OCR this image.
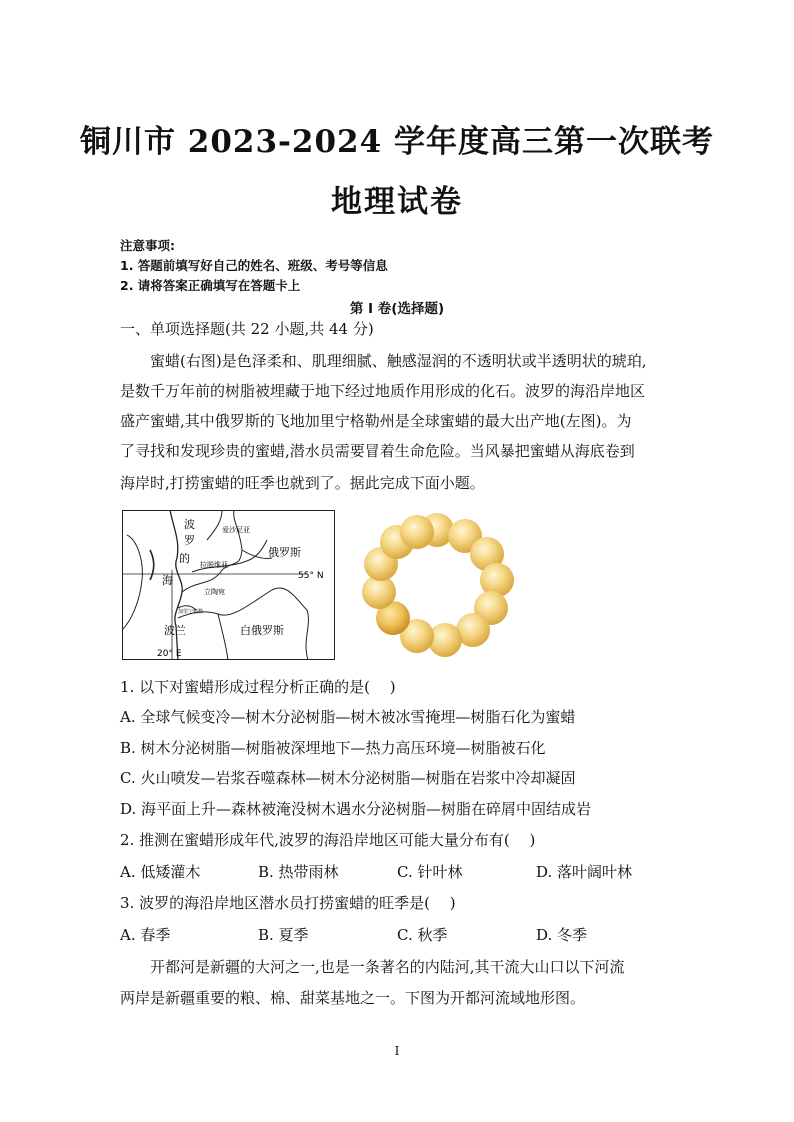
铜川市 2023-2024 学年度高三第一次联考
地理试卷
注意事项:
1. 答题前填写好自己的姓名、班级、考号等信息
2. 请将答案正确填写在答题卡上
第 I 卷(选择题)
一、单项选择题(共 22 小题,共 44 分)
　　蜜蜡(右图)是色泽柔和、肌理细腻、触感湿润的不透明状或半透明状的琥珀,
是数千万年前的树脂被埋藏于地下经过地质作用形成的化石。波罗的海沿岸地区
盛产蜜蜡,其中俄罗斯的飞地加里宁格勒州是全球蜜蜡的最大出产地(左图)。为
了寻找和发现珍贵的蜜蜡,潜水员需要冒着生命危险。当风暴把蜜蜡从海底卷到
海岸时,打捞蜜蜡的旺季也就到了。据此完成下面小题。
波
罗
的
海
爱沙尼亚
俄罗斯
拉脱维亚
55° N
立陶宛
加里宁格勒
波兰	白俄罗斯
20° E
1. 以下对蜜蜡形成过程分析正确的是(　 )
A. 全球气候变冷—树木分泌树脂—树木被冰雪掩埋—树脂石化为蜜蜡
B. 树木分泌树脂—树脂被深埋地下—热力高压环境—树脂被石化
C. 火山喷发—岩浆吞噬森林—树木分泌树脂—树脂在岩浆中冷却凝固
D. 海平面上升—森林被淹没树木遇水分泌树脂—树脂在碎屑中固结成岩
2. 推测在蜜蜡形成年代,波罗的海沿岸地区可能大量分布有(　 )
A. 低矮灌木	B. 热带雨林	C. 针叶林	D. 落叶阔叶林
3. 波罗的海沿岸地区潜水员打捞蜜蜡的旺季是(　 )
A. 春季	B. 夏季	C. 秋季	D. 冬季
　　开都河是新疆的大河之一,也是一条著名的内陆河,其干流大山口以下河流
两岸是新疆重要的粮、棉、甜菜基地之一。下图为开都河流域地形图。
I
